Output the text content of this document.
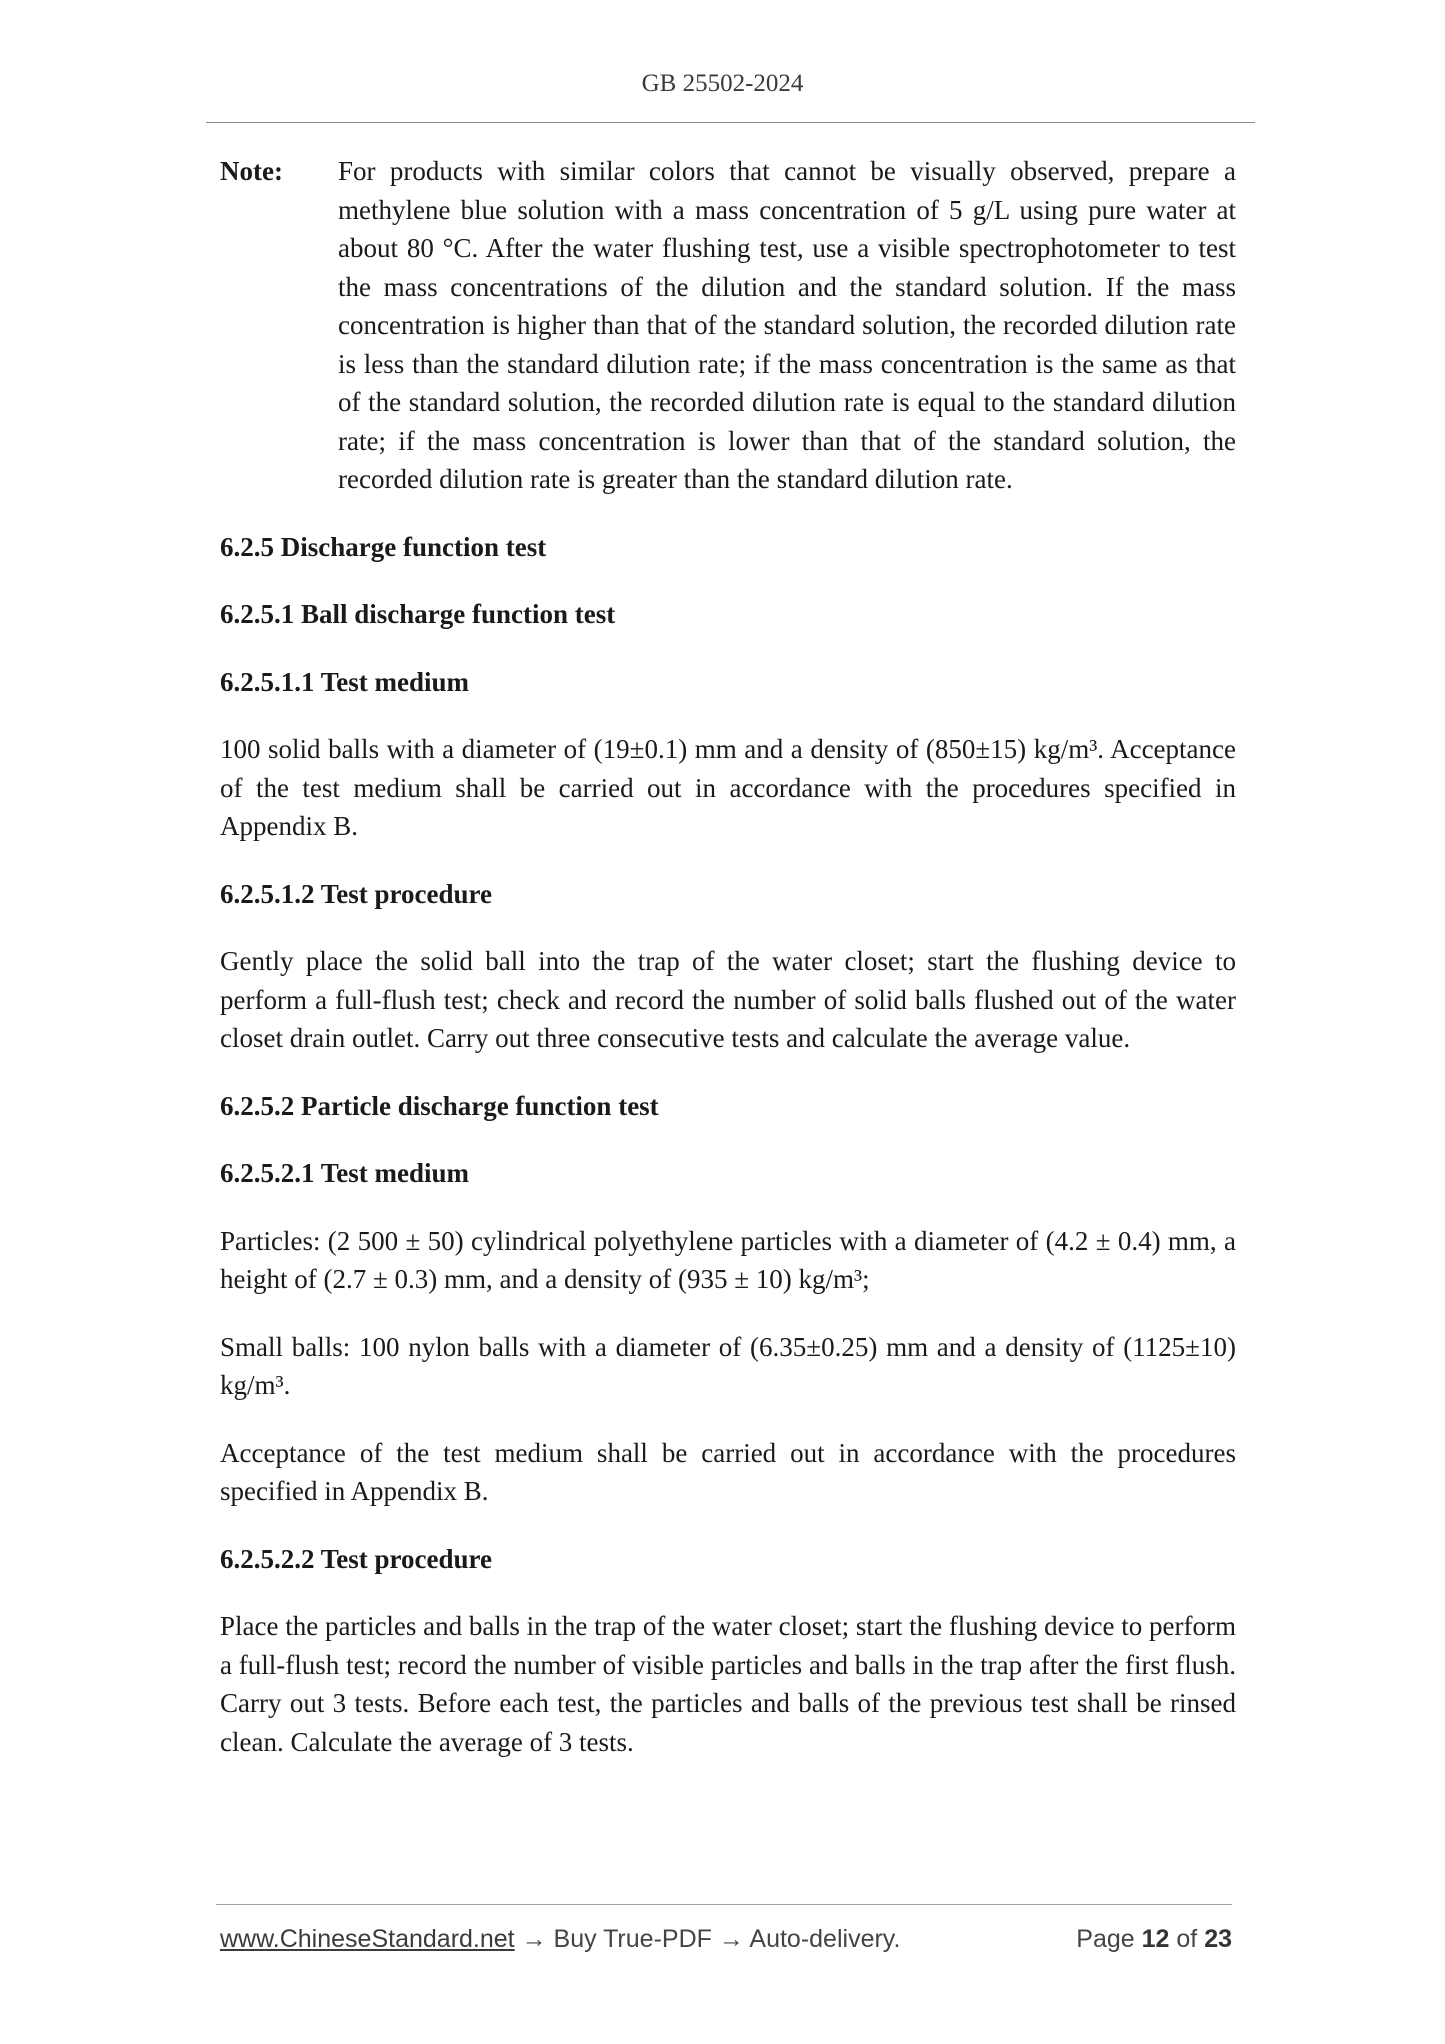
GB 25502-2024
Note:	For products with similar colors that cannot be visually observed, prepare a methylene blue solution with a mass concentration of 5 g/L using pure water at about 80 °C. After the water flushing test, use a visible spectrophotometer to test the mass concentrations of the dilution and the standard solution. If the mass concentration is higher than that of the standard solution, the recorded dilution rate is less than the standard dilution rate; if the mass concentration is the same as that of the standard solution, the recorded dilution rate is equal to the standard dilution rate; if the mass concentration is lower than that of the standard solution, the recorded dilution rate is greater than the standard dilution rate.
6.2.5 Discharge function test
6.2.5.1 Ball discharge function test
6.2.5.1.1 Test medium
100 solid balls with a diameter of (19±0.1) mm and a density of (850±15) kg/m³. Acceptance of the test medium shall be carried out in accordance with the procedures specified in Appendix B.
6.2.5.1.2 Test procedure
Gently place the solid ball into the trap of the water closet; start the flushing device to perform a full-flush test; check and record the number of solid balls flushed out of the water closet drain outlet. Carry out three consecutive tests and calculate the average value.
6.2.5.2 Particle discharge function test
6.2.5.2.1 Test medium
Particles: (2 500 ± 50) cylindrical polyethylene particles with a diameter of (4.2 ± 0.4) mm, a height of (2.7 ± 0.3) mm, and a density of (935 ± 10) kg/m³;
Small balls: 100 nylon balls with a diameter of (6.35±0.25) mm and a density of (1125±10) kg/m³.
Acceptance of the test medium shall be carried out in accordance with the procedures specified in Appendix B.
6.2.5.2.2 Test procedure
Place the particles and balls in the trap of the water closet; start the flushing device to perform a full-flush test; record the number of visible particles and balls in the trap after the first flush. Carry out 3 tests. Before each test, the particles and balls of the previous test shall be rinsed clean. Calculate the average of 3 tests.
www.ChineseStandard.net → Buy True-PDF → Auto-delivery.	Page 12 of 23
